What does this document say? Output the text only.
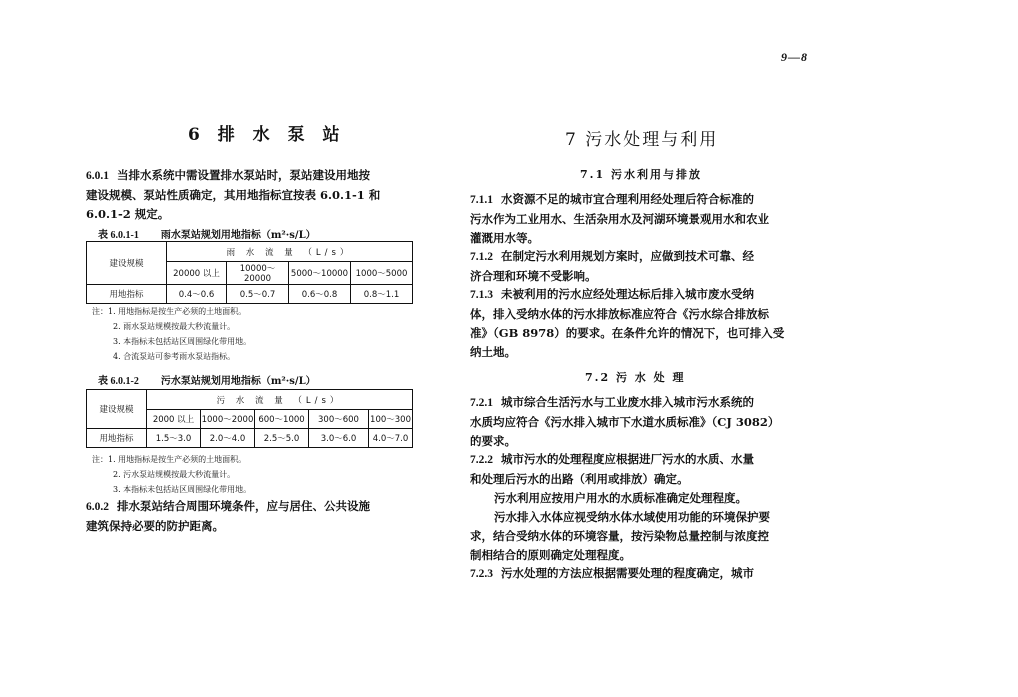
9—8
6 排 水 泵 站
6.0.1 当排水系统中需设置排水泵站时，泵站建设用地按
建设规模、泵站性质确定，其用地指标宜按表 6.0.1-1 和
6.0.1-2 规定。
表 6.0.1-1 雨水泵站规划用地指标（m²·s/L）
建设规模	雨 水 流 量 （L/s）			
	20000 以上	10000～20000	5000～10000	1000～5000
用地指标	0.4～0.6	0.5～0.7	0.6～0.8	0.8～1.1
注：1. 用地指标是按生产必须的土地面积。
2. 雨水泵站规模按最大秒流量计。
3. 本指标未包括站区周围绿化带用地。
4. 合流泵站可参考雨水泵站指标。
表 6.0.1-2 污水泵站规划用地指标（m²·s/L）
建设规模	污 水 流 量 （L/s）				
	2000 以上	1000～2000	600～1000	300～600	100～300
用地指标	1.5～3.0	2.0～4.0	2.5～5.0	3.0～6.0	4.0～7.0
注：1. 用地指标是按生产必须的土地面积。
2. 污水泵站规模按最大秒流量计。
3. 本指标未包括站区周围绿化带用地。
6.0.2 排水泵站结合周围环境条件，应与居住、公共设施
建筑保持必要的防护距离。
7 污水处理与利用
7.1 污水利用与排放
7.1.1 水资源不足的城市宜合理利用经处理后符合标准的
污水作为工业用水、生活杂用水及河湖环境景观用水和农业
灌溉用水等。
7.1.2 在制定污水利用规划方案时，应做到技术可靠、经
济合理和环境不受影响。
7.1.3 未被利用的污水应经处理达标后排入城市废水受纳
体，排入受纳水体的污水排放标准应符合《污水综合排放标
准》（GB 8978）的要求。在条件允许的情况下，也可排入受
纳土地。
7.2 污 水 处 理
7.2.1 城市综合生活污水与工业废水排入城市污水系统的
水质均应符合《污水排入城市下水道水质标准》（CJ 3082）
的要求。
7.2.2 城市污水的处理程度应根据进厂污水的水质、水量
和处理后污水的出路（利用或排放）确定。
污水利用应按用户用水的水质标准确定处理程度。
污水排入水体应视受纳水体水域使用功能的环境保护要
求，结合受纳水体的环境容量，按污染物总量控制与浓度控
制相结合的原则确定处理程度。
7.2.3 污水处理的方法应根据需要处理的程度确定，城市
